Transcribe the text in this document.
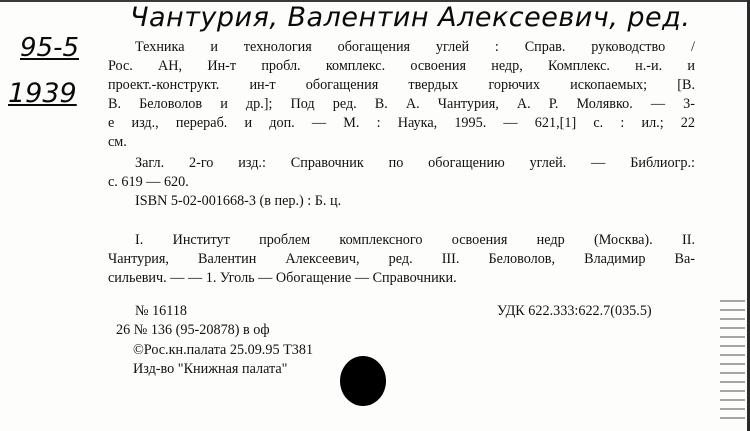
Чантурия, Валентин Алексеевич, ред.
95-5
1939
Техника и технология обогащения углей : Справ. руководство /
Рос. АН, Ин-т пробл. комплекс. освоения недр, Комплекс. н.-и. и
проект.-конструкт. ин-т обогащения твердых горючих ископаемых; [В.
В. Беловолов и др.]; Под ред. В. А. Чантурия, А. Р. Молявко. — 3-
е изд., перераб. и доп. — М. : Наука, 1995. — 621,[1] с. : ил.; 22
см.
Загл. 2-го изд.: Справочник по обогащению углей. — Библиогр.:
с. 619 — 620.
ISBN 5-02-001668-3 (в пер.) : Б. ц.
I. Институт проблем комплексного освоения недр (Москва). II.
Чантурия, Валентин Алексеевич, ред. III. Беловолов, Владимир Ва-
сильевич. — — 1. Уголь — Обогащение — Справочники.
№ 16118	УДК 622.333:622.7(035.5)
26 № 136 (95-20878) в оф
©Рос.кн.палата 25.09.95 Т381
Изд-во "Книжная палата"
